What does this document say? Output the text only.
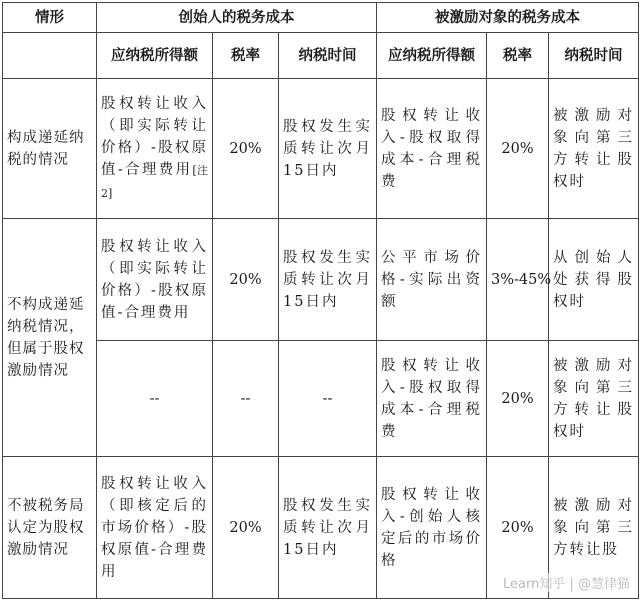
情形	创始人的税务成本			被激励对象的税务成本		
	应纳税所得额	税率	纳税时间	应纳税所得额	税率	纳税时间
构成递延纳税的情况	股权转让收入（即实际转让价格）-股权原值-合理费用[注2]	20%	股权发生实质转让次月15日内	股权转让收入-股权取得成本-合理税费	20%	被激励对象向第三方转让股权时
不构成递延纳税情况，但属于股权激励情况	股权转让收入（即实际转让价格）-股权原值-合理费用	20%	股权发生实质转让次月15日内	公平市场价格-实际出资额	3%-45%	从创始人处获得股权时
	--	--	--	股权转让收入-股权取得成本-合理税费	20%	被激励对象向第三方转让股权时
不被税务局认定为股权激励情况	股权转让收入（即核定后的市场价格）-股权原值-合理费用	20%	股权发生实质转让次月15日内	股权转让收入-创始人核定后的市场价格	20%	被激励对象向第三方转让股
Learn知乎 | @慧律猫
